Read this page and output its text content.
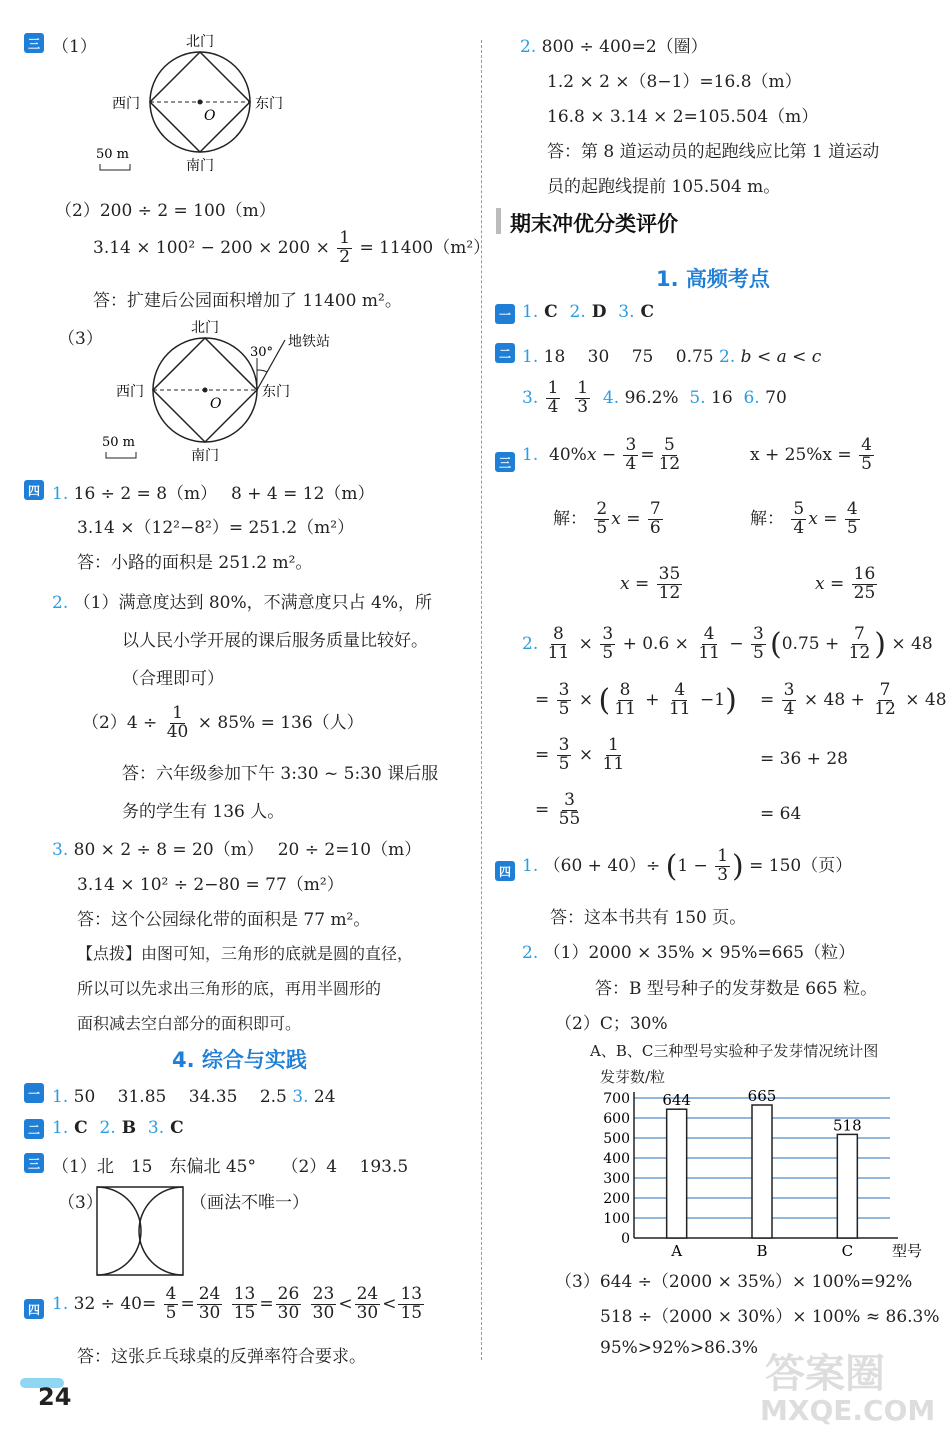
三 （1）	北门
南门
东门
西门
O
50 m
（2）200 ÷ 2 = 100（m）
$3.14 \times 100^2 - 200 \times 200 \times \frac{1}{2} = 11400(m^2)$
答：扩建后公园面积增加了 11400 m²。
（3）
30°
地铁站
北门
南门
东门
西门
O
50 m
四 1. 16 ÷ 2 = 8（m）　 8 + 4 = 12（m）
3.14 ×（12²−8²）= 251.2（m²）
答：小路的面积是 251.2 m²。
2. （1）满意度达到 80%，不满意度只占 4%，所
以人民小学开展的课后服务质量比较好。
（合理即可）
$(2)4 \div \frac{1}{40} \times 85\% = 136$（人）
答：六年级参加下午 3:30 ~ 5:30 课后服
务的学生有 136 人。
3. 80 × 2 ÷ 8 = 20（m）　 20 ÷ 2=10（m）
3.14 × 10² ÷ 2−80 = 77（m²）
答：这个公园绿化带的面积是 77 m²。
【点拨】由图可知，三角形的底就是圆的直径，
所以可以先求出三角形的底，再用半圆形的
面积减去空白部分的面积即可。
4. 综合与实践
一 1. 50　 31.85　 34.35　 2.5 3. 24
二 1. C 2. B 3. C
三 （1）北　15　东偏北 45°　　（2）4　 193.5
（3）	（画法不唯一）
四 1. $32 \div 40= \frac{4}{5} = \frac{24}{30}$
$\frac{13}{15} = \frac{26}{30}$
$\frac{23}{30} < \frac{24}{30} < \frac{13}{15}$
答：这张乒乓球桌的反弹率符合要求。
24
2. 800 ÷ 400=2（圈）
1.2 × 2 ×（8−1）=16.8（m）
16.8 × 3.14 × 2=105.504（m）
答：第 8 道运动员的起跑线应比第 1 道运动
员的起跑线提前 105.504 m。
期末冲优分类评价
1. 高频考点
一 1. C 2. D 3. C
二 1. 18　 30　 75　 0.75 2. b < a < c
3. $\frac{1}{4}$
$\frac{1}{3} 4$. 96.2% 5. 16 6. 70
三 1.  $40\%x - \frac{3}{4} = \frac{5}{12}$	$x + 25\%x = \frac{4}{5}$
解： $\frac{2}{5}$ $x = \frac{7}{6}$	解： $\frac{5}{4}$ $x = \frac{4}{5}$
$x = \frac{35}{12}$	$x = \frac{16}{25}$
2. $\frac{8}{11} \times \frac{3}{5} + 0.6 \times \frac{4}{11} - \frac{3}{5} (0.75 + \frac{7}{12}$ ) × 48
= $\frac{3}{5}$ × ( $\frac{8}{11} + \frac{4}{11} -1) = \frac{3}{4} \times 48 + \frac{7}{12} \times 48$
= $\frac{3}{5} \times \frac{1}{11}$	= 36 + 28
= $\frac{3}{55}$	= 64
四 1. $(60 + 40)\div (1 - \frac{1}{3}$ ) = 150（页）
答：这本书共有 150 页。
2. （1）2000 × 35% × 95%=665（粒）
答：B 型号种子的发芽数是 665 粒。
（2）C；30%
A、B、C三种型号实验种子发芽情况统计图
发芽数/粒
0
100
200
300
400
500
600
700 644
A
665
B
518
C	型号
（3）644 ÷（2000 × 35%）× 100%=92%
518 ÷（2000 × 30%）× 100% ≈ 86.3%
95%>92%>86.3%
答案圈
MXQE.COM
